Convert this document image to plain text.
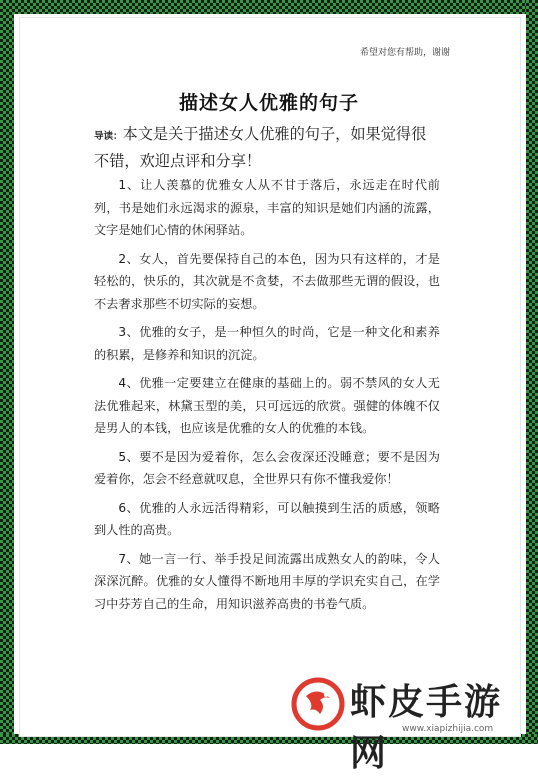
希望对您有帮助，谢谢
描述女人优雅的句子
导读：本文是关于描述女人优雅的句子，如果觉得很不错，欢迎点评和分享！

1、让人羡慕的优雅女人从不甘于落后，永远走在时代前列，书是她们永远渴求的源泉，丰富的知识是她们内涵的流露，文字是她们心情的休闲驿站。

2、女人，首先要保持自己的本色，因为只有这样的，才是轻松的，快乐的，其次就是不贪婪，不去做那些无谓的假设，也不去奢求那些不切实际的妄想。

3、优雅的女子，是一种恒久的时尚，它是一种文化和素养的积累，是修养和知识的沉淀。

4、优雅一定要建立在健康的基础上的。弱不禁风的女人无法优雅起来，林黛玉型的美，只可远远的欣赏。强健的体魄不仅是男人的本钱，也应该是优雅的女人的优雅的本钱。

5、要不是因为爱着你，怎么会夜深还没睡意；要不是因为爱着你，怎会不经意就叹息，全世界只有你不懂我爱你！

6、优雅的人永远活得精彩，可以触摸到生活的质感，领略到人性的高贵。

7、她一言一行、举手投足间流露出成熟女人的韵味，令人深深沉醉。优雅的女人懂得不断地用丰厚的学识充实自己，在学习中芬芳自己的生命，用知识滋养高贵的书卷气质。

虾皮手游网
www.xiapizhijia.com
